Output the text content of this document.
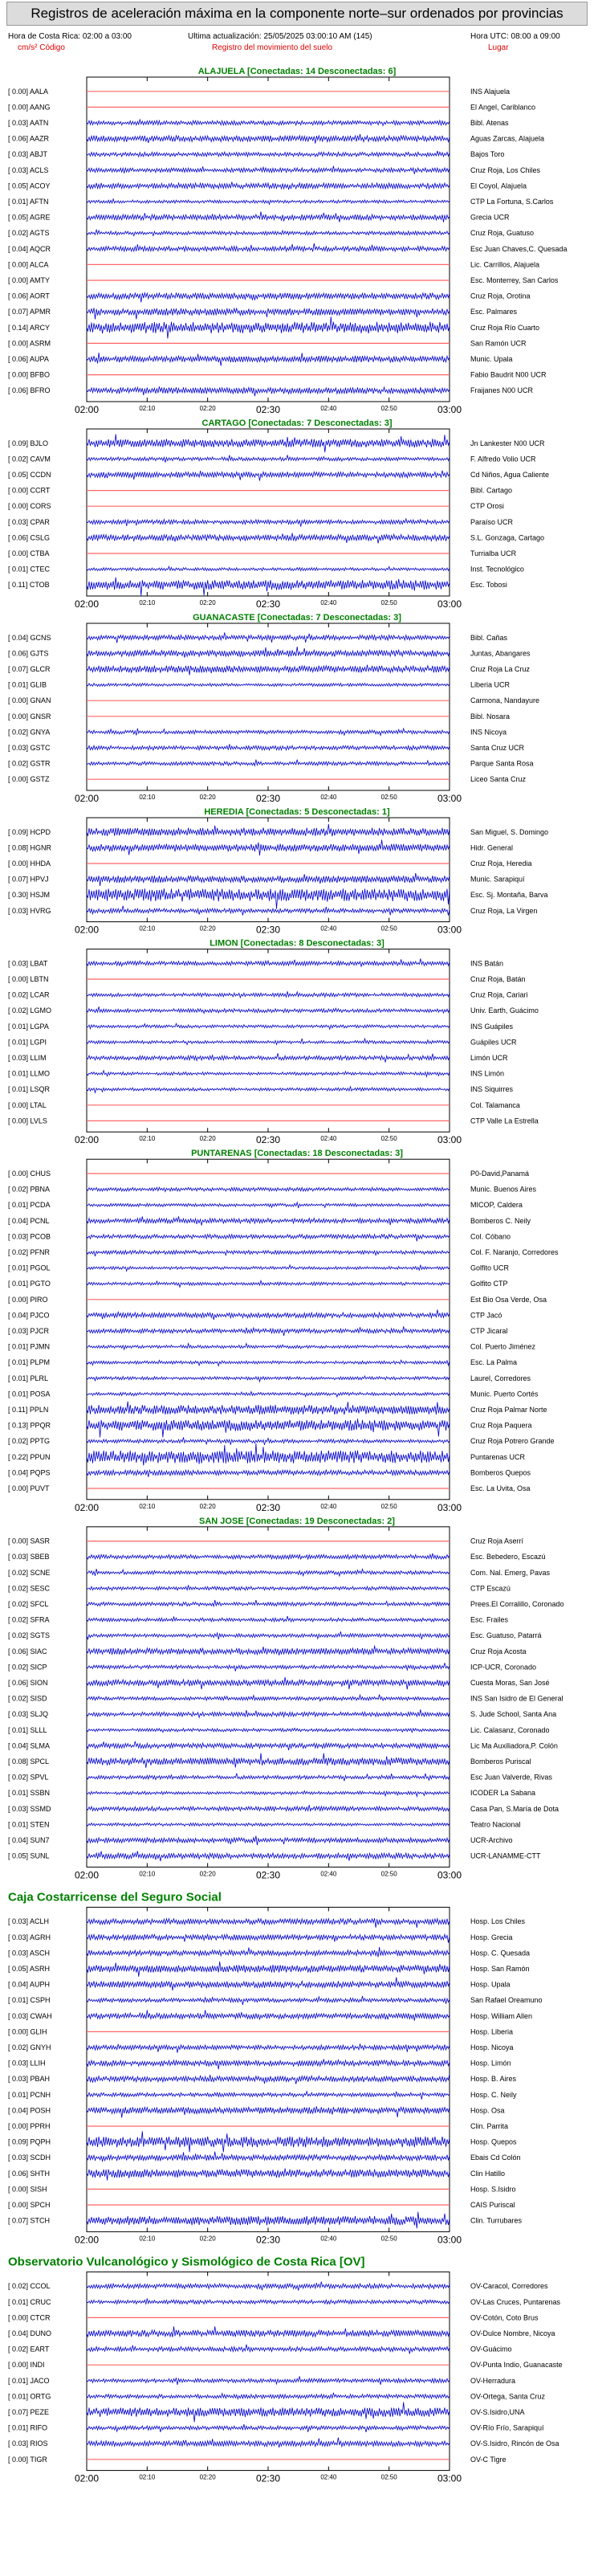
Registros de aceleración máxima en la componente norte–sur ordenados por provincias
Hora de Costa Rica: 02:00 a 03:00	Ultima actualización: 25/05/2025 03:00:10 AM (145)	Hora UTC: 08:00 a 09:00
cm/s² Código	Registro del movimiento del suelo	Lugar
ALAJUELA [Conectadas: 14 Desconectadas: 6]
02:00	02:10	02:20	02:30	02:40	02:50	03:00
[ 0.00] AALA	INS Alajuela
[ 0.00] AANG	El Angel, Cariblanco
[ 0.03] AATN	Bibl. Atenas
[ 0.06] AAZR	Aguas Zarcas, Alajuela
[ 0.03] ABJT	Bajos Toro
[ 0.03] ACLS	Cruz Roja, Los Chiles
[ 0.05] ACOY	El Coyol, Alajuela
[ 0.01] AFTN	CTP La Fortuna, S.Carlos
[ 0.05] AGRE	Grecia UCR
[ 0.02] AGTS	Cruz Roja, Guatuso
[ 0.04] AQCR	Esc Juan Chaves,C. Quesada
[ 0.00] ALCA	Lic. Carrillos, Alajuela
[ 0.00] AMTY	Esc. Monterrey, San Carlos
[ 0.06] AORT	Cruz Roja, Orotina
[ 0.07] APMR	Esc. Palmares
[ 0.14] ARCY	Cruz Roja Río Cuarto
[ 0.00] ASRM	San Ramón UCR
[ 0.06] AUPA	Munic. Upala
[ 0.00] BFBO	Fabio Baudrit N00 UCR
[ 0.06] BFRO	Fraijanes N00 UCR
CARTAGO [Conectadas: 7 Desconectadas: 3]
02:00	02:10	02:20	02:30	02:40	02:50	03:00
[ 0.09] BJLO	Jn Lankester N00 UCR
[ 0.02] CAVM	F. Alfredo Volio UCR
[ 0.05] CCDN	Cd Niños, Agua Caliente
[ 0.00] CCRT	Bibl. Cartago
[ 0.00] CORS	CTP Orosi
[ 0.03] CPAR	Paraíso UCR
[ 0.06] CSLG	S.L. Gonzaga, Cartago
[ 0.00] CTBA	Turrialba UCR
[ 0.01] CTEC	Inst. Tecnológico
[ 0.11] CTOB	Esc. Tobosi
GUANACASTE [Conectadas: 7 Desconectadas: 3]
02:00	02:10	02:20	02:30	02:40	02:50	03:00
[ 0.04] GCNS	Bibl. Cañas
[ 0.06] GJTS	Juntas, Abangares
[ 0.07] GLCR	Cruz Roja La Cruz
[ 0.01] GLIB	Liberia UCR
[ 0.00] GNAN	Carmona, Nandayure
[ 0.00] GNSR	Bibl. Nosara
[ 0.02] GNYA	INS Nicoya
[ 0.03] GSTC	Santa Cruz UCR
[ 0.02] GSTR	Parque Santa Rosa
[ 0.00] GSTZ	Liceo Santa Cruz
HEREDIA [Conectadas: 5 Desconectadas: 1]
02:00	02:10	02:20	02:30	02:40	02:50	03:00
[ 0.09] HCPD	San Miguel, S. Domingo
[ 0.08] HGNR	Hidr. General
[ 0.00] HHDA	Cruz Roja, Heredia
[ 0.07] HPVJ	Munic. Sarapiquí
[ 0.30] HSJM	Esc. Sj. Montaña, Barva
[ 0.03] HVRG	Cruz Roja, La Virgen
LIMON [Conectadas: 8 Desconectadas: 3]
02:00	02:10	02:20	02:30	02:40	02:50	03:00
[ 0.03] LBAT	INS Batán
[ 0.00] LBTN	Cruz Roja, Batán
[ 0.02] LCAR	Cruz Roja, Cariari
[ 0.02] LGMO	Univ. Earth, Guácimo
[ 0.01] LGPA	INS Guápiles
[ 0.01] LGPI	Guápiles UCR
[ 0.03] LLIM	Limón UCR
[ 0.01] LLMO	INS Limón
[ 0.01] LSQR	INS Siquirres
[ 0.00] LTAL	Col. Talamanca
[ 0.00] LVLS	CTP Valle La Estrella
PUNTARENAS [Conectadas: 18 Desconectadas: 3]
02:00	02:10	02:20	02:30	02:40	02:50	03:00
[ 0.00] CHUS	P0-David,Panamá
[ 0.02] PBNA	Munic. Buenos Aires
[ 0.01] PCDA	MICOP, Caldera
[ 0.04] PCNL	Bomberos C. Neily
[ 0.03] PCOB	Col. Cóbano
[ 0.02] PFNR	Col. F. Naranjo, Corredores
[ 0.01] PGOL	Golfito UCR
[ 0.01] PGTO	Golfito CTP
[ 0.00] PIRO	Est Bio Osa Verde, Osa
[ 0.04] PJCO	CTP Jacó
[ 0.03] PJCR	CTP Jicaral
[ 0.01] PJMN	Col. Puerto Jiménez
[ 0.01] PLPM	Esc. La Palma
[ 0.01] PLRL	Laurel, Corredores
[ 0.01] POSA	Munic. Puerto Cortés
[ 0.11] PPLN	Cruz Roja Palmar Norte
[ 0.13] PPQR	Cruz Roja Paquera
[ 0.02] PPTG	Cruz Roja Potrero Grande
[ 0.22] PPUN	Puntarenas UCR
[ 0.04] PQPS	Bomberos Quepos
[ 0.00] PUVT	Esc. La Uvita, Osa
SAN JOSE [Conectadas: 19 Desconectadas: 2]
02:00	02:10	02:20	02:30	02:40	02:50	03:00
[ 0.00] SASR	Cruz Roja Aserrí
[ 0.03] SBEB	Esc. Bebedero, Escazú
[ 0.02] SCNE	Com. Nal. Emerg, Pavas
[ 0.02] SESC	CTP Escazú
[ 0.02] SFCL	Prees.El Corralillo, Coronado
[ 0.02] SFRA	Esc. Frailes
[ 0.02] SGTS	Esc. Guatuso, Patarrá
[ 0.06] SIAC	Cruz Roja Acosta
[ 0.02] SICP	ICP-UCR, Coronado
[ 0.06] SION	Cuesta Moras, San José
[ 0.02] SISD	INS San Isidro de El General
[ 0.03] SLJQ	S. Jude School, Santa Ana
[ 0.01] SLLL	Lic. Calasanz, Coronado
[ 0.04] SLMA	Lic Ma Auxiliadora,P. Colón
[ 0.08] SPCL	Bomberos Puriscal
[ 0.02] SPVL	Esc Juan Valverde, Rivas
[ 0.01] SSBN	ICODER La Sabana
[ 0.03] SSMD	Casa Pan, S.María de Dota
[ 0.01] STEN	Teatro Nacional
[ 0.04] SUN7	UCR-Archivo
[ 0.05] SUNL	UCR-LANAMME-CTT
Caja Costarricense del Seguro Social
02:00	02:10	02:20	02:30	02:40	02:50	03:00
[ 0.03] ACLH	Hosp. Los Chiles
[ 0.03] AGRH	Hosp. Grecia
[ 0.03] ASCH	Hosp. C. Quesada
[ 0.05] ASRH	Hosp. San Ramón
[ 0.04] AUPH	Hosp. Upala
[ 0.01] CSPH	San Rafael Oreamuno
[ 0.03] CWAH	Hosp. William Allen
[ 0.00] GLIH	Hosp. Liberia
[ 0.02] GNYH	Hosp. Nicoya
[ 0.03] LLIH	Hosp. Limón
[ 0.03] PBAH	Hosp. B. Aires
[ 0.01] PCNH	Hosp. C. Neily
[ 0.04] POSH	Hosp. Osa
[ 0.00] PPRH	Clin. Parrita
[ 0.09] PQPH	Hosp. Quepos
[ 0.03] SCDH	Ebais Cd Colón
[ 0.06] SHTH	Clin Hatillo
[ 0.00] SISH	Hosp. S.Isidro
[ 0.00] SPCH	CAIS Puriscal
[ 0.07] STCH	Clin. Turrubares
Observatorio Vulcanológico y Sismológico de Costa Rica [OV]
02:00	02:10	02:20	02:30	02:40	02:50	03:00
[ 0.02] CCOL	OV-Caracol, Corredores
[ 0.01] CRUC	OV-Las Cruces, Puntarenas
[ 0.00] CTCR	OV-Cotón, Coto Brus
[ 0.04] DUNO	OV-Dulce Nombre, Nicoya
[ 0.02] EART	OV-Guácimo
[ 0.00] INDI	OV-Punta Indio, Guanacaste
[ 0.01] JACO	OV-Herradura
[ 0.01] ORTG	OV-Ortega, Santa Cruz
[ 0.07] PEZE	OV-S.Isidro,UNA
[ 0.01] RIFO	OV-Río Frío, Sarapiquí
[ 0.03] RIOS	OV-S.Isidro, Rincón de Osa
[ 0.00] TIGR	OV-C Tigre
